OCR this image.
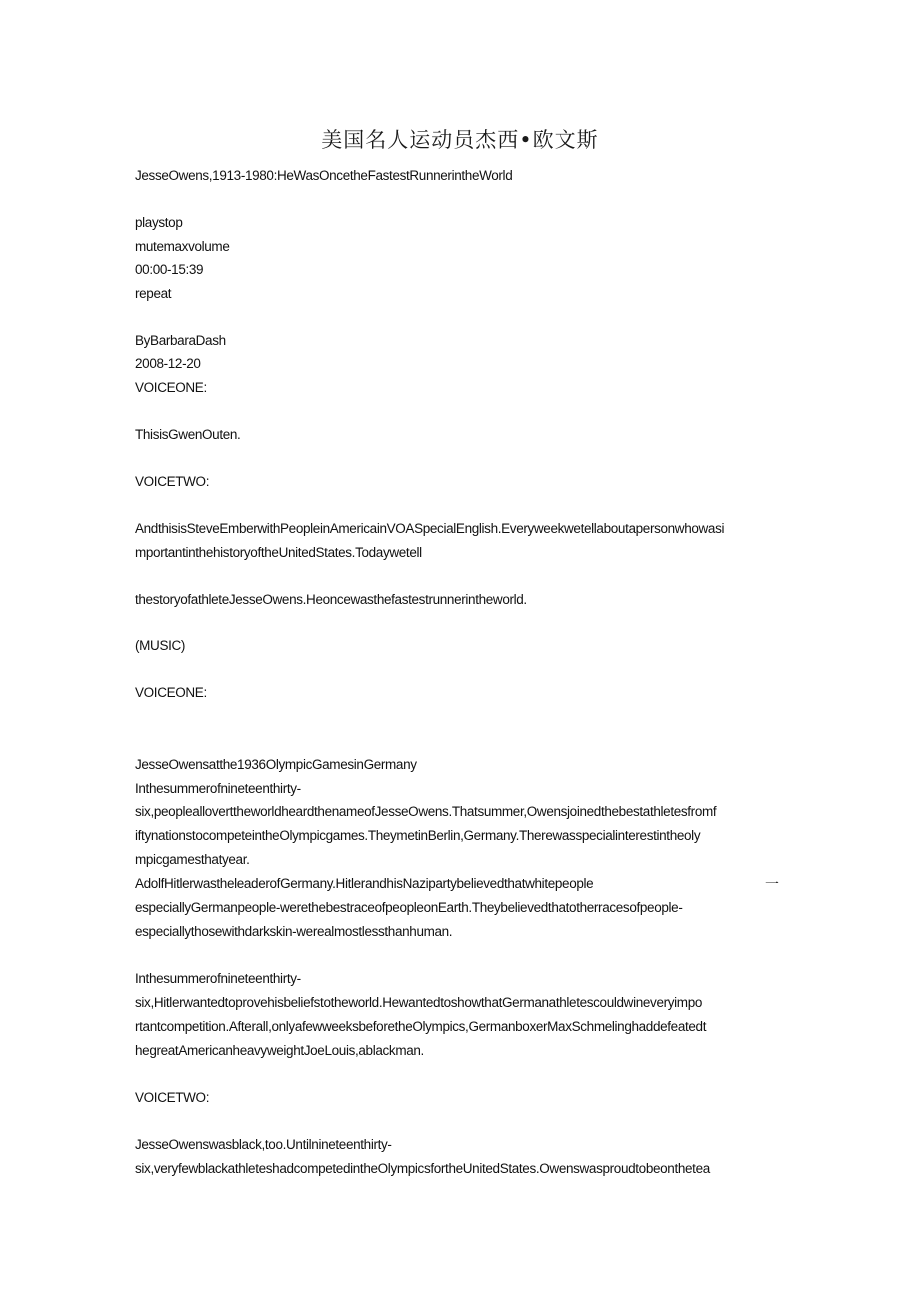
美国名人运动员杰西•欧文斯
JesseOwens,1913-1980:HeWasOncetheFastestRunnerintheWorld
playstop
mutemaxvolume
00:00-15:39
repeat
ByBarbaraDash
2008-12-20
VOICEONE:
ThisisGwenOuten.
VOICETWO:
AndthisisSteveEmberwithPeopleinAmericainVOASpecialEnglish.Everyweekwetellaboutapersonwhowasi
mportantinthehistoryoftheUnitedStates.Todaywetell
thestoryofathleteJesseOwens.Heoncewasthefastestrunnerintheworld.
(MUSIC)
VOICEONE:
JesseOwensatthe1936OlympicGamesinGermany
Inthesummerofnineteenthirty-
six,peoplealloverttheworldheardthenameofJesseOwens.Thatsummer,Owensjoinedthebestathletesfromf
iftynationstocompeteintheOlympicgames.TheymetinBerlin,Germany.Therewasspecialinterestintheoly
mpicgamesthatyear.
AdolfHitlerwastheleaderofGermany.HitlerandhisNazipartybelievedthatwhitepeople	一
especiallyGermanpeople-werethebestraceofpeopleonEarth.Theybelievedthatotherracesofpeople-
especiallythosewithdarkskin-werealmostlessthanhuman.
Inthesummerofnineteenthirty-
six,Hitlerwantedtoprovehisbeliefstotheworld.HewantedtoshowthatGermanathletescouldwineveryimpo
rtantcompetition.Afterall,onlyafewweeksbeforetheOlympics,GermanboxerMaxSchmelinghaddefeatedt
hegreatAmericanheavyweightJoeLouis,ablackman.
VOICETWO:
JesseOwenswasblack,too.Untilnineteenthirty-
six,veryfewblackathleteshadcompetedintheOlympicsfortheUnitedStates.Owenswasproudtobeonthetea
